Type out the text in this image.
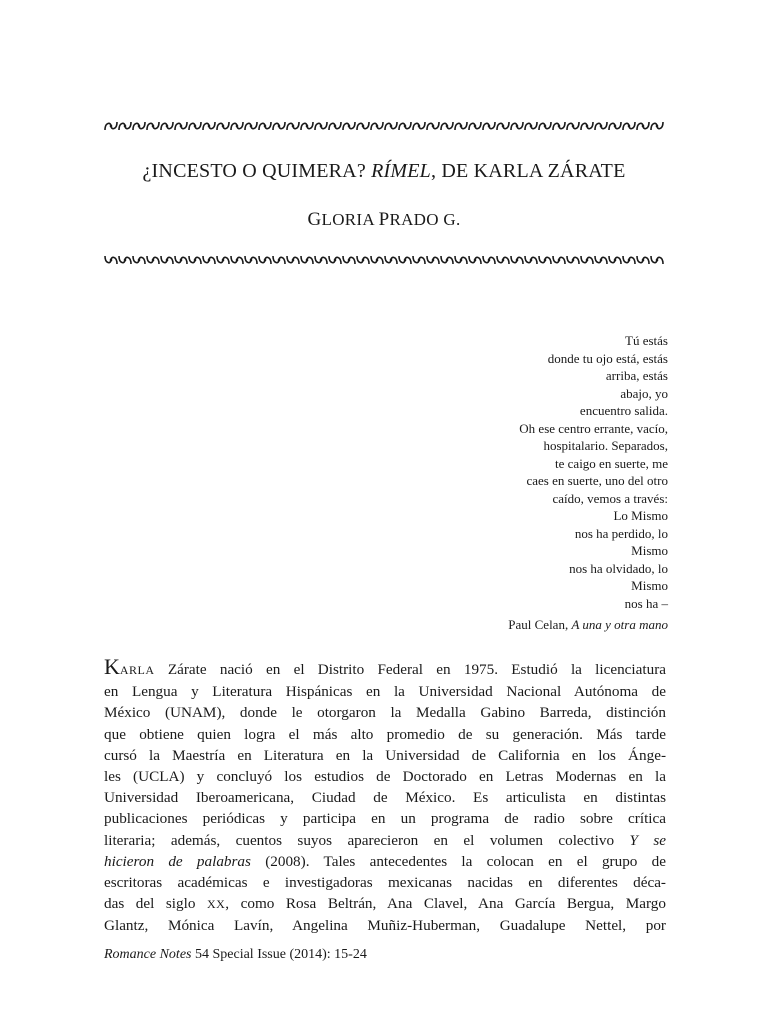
¿INCESTO O QUIMERA? RÍMEL, DE KARLA ZÁRATE
GLORIA PRADO G.
Tú estás
donde tu ojo está, estás
arriba, estás
abajo, yo
encuentro salida.
Oh ese centro errante, vacío,
hospitalario. Separados,
te caigo en suerte, me
caes en suerte, uno del otro
caído, vemos a través:
Lo Mismo
nos ha perdido, lo
Mismo
nos ha olvidado, lo
Mismo
nos ha –
Paul Celan, A una y otra mano
KARLA Zárate nació en el Distrito Federal en 1975. Estudió la licenciatura
en Lengua y Literatura Hispánicas en la Universidad Nacional Autónoma de
México (UNAM), donde le otorgaron la Medalla Gabino Barreda, distinción
que obtiene quien logra el más alto promedio de su generación. Más tarde
cursó la Maestría en Literatura en la Universidad de California en los Ánge-
les (UCLA) y concluyó los estudios de Doctorado en Letras Modernas en la
Universidad Iberoamericana, Ciudad de México. Es articulista en distintas
publicaciones periódicas y participa en un programa de radio sobre crítica
literaria; además, cuentos suyos aparecieron en el volumen colectivo Y se
hicieron de palabras (2008). Tales antecedentes la colocan en el grupo de
escritoras académicas e investigadoras mexicanas nacidas en diferentes déca-
das del siglo XX, como Rosa Beltrán, Ana Clavel, Ana García Bergua, Margo
Glantz, Mónica Lavín, Angelina Muñiz-Huberman, Guadalupe Nettel, por
Romance Notes 54 Special Issue (2014): 15-24
